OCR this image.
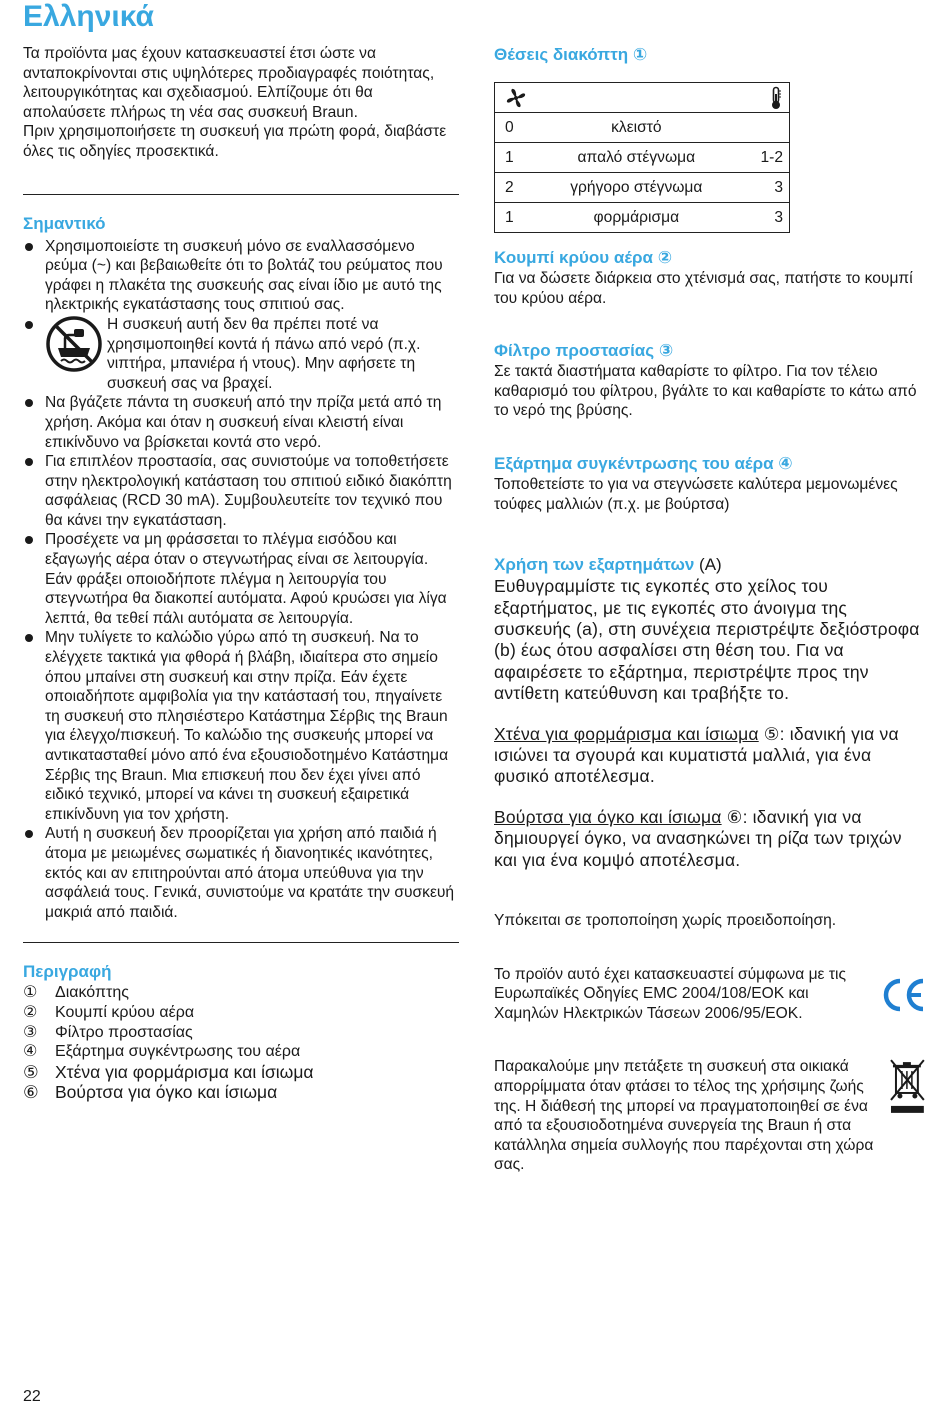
Ελληνικά

Τα προϊόντα μας έχουν κατασκευαστεί έτσι ώστε να ανταποκρίνονται στις υψηλότερες προδιαγραφές ποιότητας, λειτουργικότητας και σχεδιασμού. Ελπίζουμε ότι θα απολαύσετε πλήρως τη νέα σας συσκευή Braun.

Πριν χρησιμοποιήσετε τη συσκευή για πρώτη φορά, διαβάστε όλες τις οδηγίες προσεκτικά.

Σημαντικό
Χρησιμοποιείστε τη συσκευή μόνο σε εναλλασσόμενο ρεύμα (~) και βεβαιωθείτε ότι το βολτάζ του ρεύματος που γράφει η πλακέτα της συσκευής σας είναι ίδιο με αυτό της ηλεκτρικής εγκατάστασης τους σπιτιού σας.
Η συσκευή αυτή δεν θα πρέπει ποτέ να χρησιμοποιηθεί κοντά ή πάνω από νερό (π.χ. νιπτήρα, μπανιέρα ή ντους). Μην αφήσετε τη συσκευή σας να βραχεί.
Να βγάζετε πάντα τη συσκευή από την πρίζα μετά από τη χρήση. Ακόμα και όταν η συσκευή είναι κλειστή είναι επικίνδυνο να βρίσκεται κοντά στο νερό.
Για επιπλέον προστασία, σας συνιστούμε να τοποθετήσετε στην ηλεκτρολογική κατάσταση του σπιτιού ειδικό διακόπτη ασφάλειας (RCD 30 mA). Συμβουλευτείτε τον τεχνικό που θα κάνει την εγκατάσταση.
Προσέχετε να μη φράσσεται το πλέγμα εισόδου και εξαγωγής αέρα όταν ο στεγνωτήρας είναι σε λειτουργία. Εάν φράξει οποιοδήποτε πλέγμα η λειτουργία του στεγνωτήρα θα διακοπεί αυτόματα. Αφού κρυώσει για λίγα λεπτά, θα τεθεί πάλι αυτόματα σε λειτουργία.
Μην τυλίγετε το καλώδιο γύρω από τη συσκευή. Να το ελέγχετε τακτικά για φθορά ή βλάβη, ιδιαίτερα στο σημείο όπου μπαίνει στη συσκευή και στην πρίζα. Εάν έχετε οποιαδήποτε αμφιβολία για την κατάστασή του, πηγαίνετε τη συσκευή στο πλησιέστερο Κατάστημα Σέρβις της Braun για έλεγχο/πισκευή. Το καλώδιο της συσκευής μπορεί να αντικατασταθεί μόνο από ένα εξουσιοδοτημένο Κατάστημα Σέρβις της Braun. Μια επισκευή που δεν έχει γίνει από ειδικό τεχνικό, μπορεί να κάνει τη συσκευή εξαιρετικά επικίνδυνη για τον χρήστη.
Αυτή η συσκευή δεν προορίζεται για χρήση από παιδιά ή άτομα με μειωμένες σωματικές ή διανοητικές ικανότητες, εκτός και αν επιτηρούνται από άτομα υπεύθυνα για την ασφάλειά τους. Γενικά, συνιστούμε να κρατάτε την συσκευή μακριά από παιδιά.
Περιγραφή
①	Διακόπτης
②	Κουμπί κρύου αέρα
③	Φίλτρο προστασίας
④	Εξάρτημα συγκέντρωσης του αέρα
⑤ Χτένα για φορμάρισμα και ίσιωμα
⑥ Βούρτσα για όγκο και ίσιωμα
Θέσεις διακόπτη ①

0	κλειστό

1	απαλό στέγνωμα	1-2

2	γρήγορο στέγνωμα	3

1	φορμάρισμα	3
Κουμπί κρύου αέρα ②

Για να δώσετε διάρκεια στο χτένισμά σας, πατήστε το κουμπί του κρύου αέρα.

Φίλτρο προστασίας ③

Σε τακτά διαστήματα καθαρίστε το φίλτρο. Για τον τέλειο καθαρισμό του φίλτρου, βγάλτε το και καθαρίστε το κάτω από το νερό της βρύσης.

Εξάρτημα συγκέντρωσης του αέρα ④

Τοποθετείστε το για να στεγνώσετε καλύτερα μεμονωμένες τούφες μαλλιών (π.χ. με βούρτσα)

Χρήση των εξαρτημάτων (A)

Ευθυγραμμίστε τις εγκοπές στο χείλος του εξαρτήματος, με τις εγκοπές στο άνοιγμα της συσκευής (a), στη συνέχεια περιστρέψτε δεξιόστροφα (b) έως ότου ασφαλίσει στη θέση του. Για να αφαιρέσετε το εξάρτημα, περιστρέψτε προς την αντίθετη κατεύθυνση και τραβήξτε το.

Χτένα για φορμάρισμα και ίσιωμα ⑤: ιδανική για να ισιώνει τα σγουρά και κυματιστά μαλλιά, για ένα φυσικό αποτέλεσμα.

Βούρτσα για όγκο και ίσιωμα ⑥: ιδανική για να δημιουργεί όγκο, να ανασηκώνει τη ρίζα των τριχών και για ένα κομψό αποτέλεσμα.

Υπόκειται σε τροποποίηση χωρίς προειδοποίηση.

Το προϊόν αυτό έχει κατασκευαστεί σύμφωνα με τις Ευρωπαϊκές Οδηγίες EMC 2004/108/ΕΟΚ και Χαμηλών Ηλεκτρικών Τάσεων 2006/95/ΕΟΚ.

Παρακαλούμε μην πετάξετε τη συσκευή στα οικιακά απορρίμματα όταν φτάσει το τέλος της χρήσιμης ζωής της. Η διάθεσή της μπορεί να πραγματοποιηθεί σε ένα από τα εξουσιοδοτημένα συνεργεία της Braun ή στα κατάλληλα σημεία συλλογής που παρέχονται στη χώρα σας.

22
